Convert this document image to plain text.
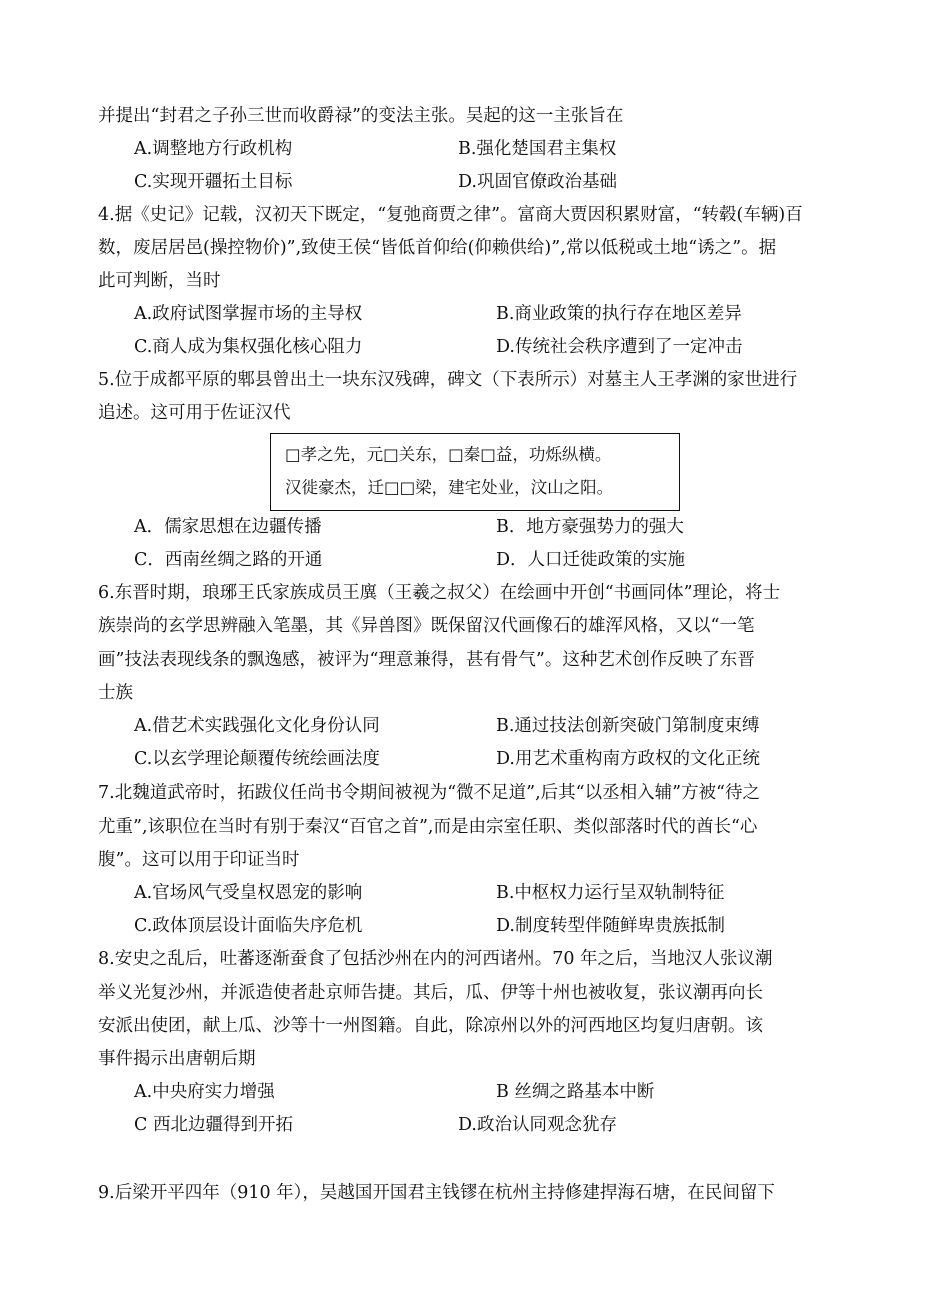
并提出“封君之子孙三世而收爵禄”的变法主张。吴起的这一主张旨在
A.调整地方行政机构	B.强化楚国君主集权
C.实现开疆拓土目标	D.巩固官僚政治基础
4.据《史记》记载，汉初天下既定，“复弛商贾之律”。富商大贾因积累财富，“转毂(车辆)百
数，废居居邑(操控物价)”,致使王侯“皆低首仰给(仰赖供给)”,常以低税或土地“诱之”。据
此可判断，当时
A.政府试图掌握市场的主导权	B.商业政策的执行存在地区差异
C.商人成为集权强化核心阻力	D.传统社会秩序遭到了一定冲击
5.位于成都平原的郫县曾出土一块东汉残碑，碑文（下表所示）对墓主人王孝渊的家世进行
追述。这可用于佐证汉代
□孝之先，元□关东，□秦□益，功烁纵横。
汉徙豪杰，迁□□梁，建宅处业，汶山之阳。
A．儒家思想在边疆传播	B．地方豪强势力的强大
C．西南丝绸之路的开通	D．人口迁徙政策的实施
6.东晋时期，琅琊王氏家族成员王廙（王羲之叔父）在绘画中开创“书画同体”理论，将士
族崇尚的玄学思辨融入笔墨，其《异兽图》既保留汉代画像石的雄浑风格，又以“一笔
画”技法表现线条的飘逸感，被评为“理意兼得，甚有骨气”。这种艺术创作反映了东晋
士族
A.借艺术实践强化文化身份认同	B.通过技法创新突破门第制度束缚
C.以玄学理论颠覆传统绘画法度	D.用艺术重构南方政权的文化正统
7.北魏道武帝时，拓跋仪任尚书令期间被视为“微不足道”,后其“以丞相入辅”方被“待之
尤重”,该职位在当时有别于秦汉“百官之首”,而是由宗室任职、类似部落时代的酋长“心
腹”。这可以用于印证当时
A.官场风气受皇权恩宠的影响	B.中枢权力运行呈双轨制特征
C.政体顶层设计面临失序危机	D.制度转型伴随鲜卑贵族抵制
8.安史之乱后，吐蕃逐渐蚕食了包括沙州在内的河西诸州。70 年之后，当地汉人张议潮
举义光复沙州，并派造使者赴京师告捷。其后，瓜、伊等十州也被收复，张议潮再向长
安派出使团，献上瓜、沙等十一州图籍。自此，除凉州以外的河西地区均复归唐朝。该
事件揭示出唐朝后期
A.中央府实力增强	B 丝绸之路基本中断
C 西北边疆得到开拓	D.政治认同观念犹存
9.后梁开平四年（910 年），吴越国开国君主钱镠在杭州主持修建捍海石塘，在民间留下
